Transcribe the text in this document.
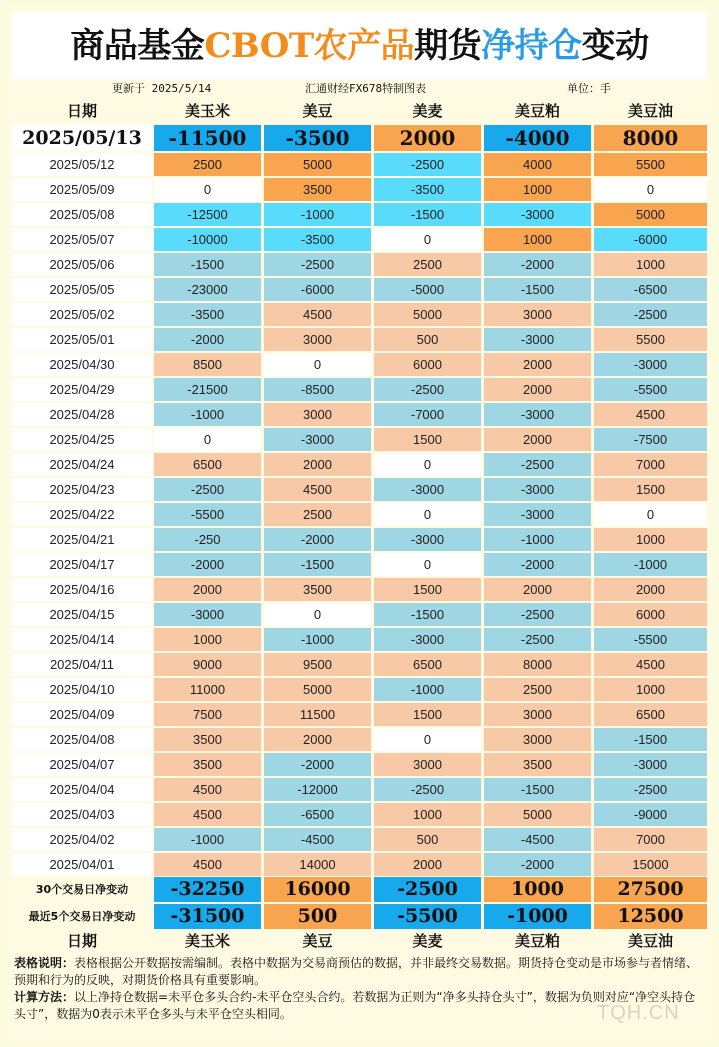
商品基金CBOT农产品期货净持仓变动
更新于 2025/5/14	汇通财经FX678特制图表	单位：手
日期	美玉米	美豆	美麦	美豆粕	美豆油
2025/05/13	-11500	-3500	2000	-4000	8000
2025/05/12	2500	5000	-2500	4000	5500
2025/05/09	0	3500	-3500	1000	0
2025/05/08	-12500	-1000	-1500	-3000	5000
2025/05/07	-10000	-3500	0	1000	-6000
2025/05/06	-1500	-2500	2500	-2000	1000
2025/05/05	-23000	-6000	-5000	-1500	-6500
2025/05/02	-3500	4500	5000	3000	-2500
2025/05/01	-2000	3000	500	-3000	5500
2025/04/30	8500	0	6000	2000	-3000
2025/04/29	-21500	-8500	-2500	2000	-5500
2025/04/28	-1000	3000	-7000	-3000	4500
2025/04/25	0	-3000	1500	2000	-7500
2025/04/24	6500	2000	0	-2500	7000
2025/04/23	-2500	4500	-3000	-3000	1500
2025/04/22	-5500	2500	0	-3000	0
2025/04/21	-250	-2000	-3000	-1000	1000
2025/04/17	-2000	-1500	0	-2000	-1000
2025/04/16	2000	3500	1500	2000	2000
2025/04/15	-3000	0	-1500	-2500	6000
2025/04/14	1000	-1000	-3000	-2500	-5500
2025/04/11	9000	9500	6500	8000	4500
2025/04/10	11000	5000	-1000	2500	1000
2025/04/09	7500	11500	1500	3000	6500
2025/04/08	3500	2000	0	3000	-1500
2025/04/07	3500	-2000	3000	3500	-3000
2025/04/04	4500	-12000	-2500	-1500	-2500
2025/04/03	4500	-6500	1000	5000	-9000
2025/04/02	-1000	-4500	500	-4500	7000
2025/04/01	4500	14000	2000	-2000	15000
30个交易日净变动	-32250	16000	-2500	1000	27500
最近5个交易日净变动	-31500	500	-5500	-1000	12500
日期	美玉米	美豆	美麦	美豆粕	美豆油
表格说明：表格根据公开数据按需编制。表格中数据为交易商预估的数据，并非最终交易数据。期货持仓变动是市场参与者情绪、预期和行为的反映，对期货价格具有重要影响。
计算方法：以上净持仓数据=未平仓多头合约-未平仓空头合约。若数据为正则为“净多头持仓头寸”，数据为负则对应“净空头持仓头寸”，数据为0表示未平仓多头与未平仓空头相同。	TQH.CN
